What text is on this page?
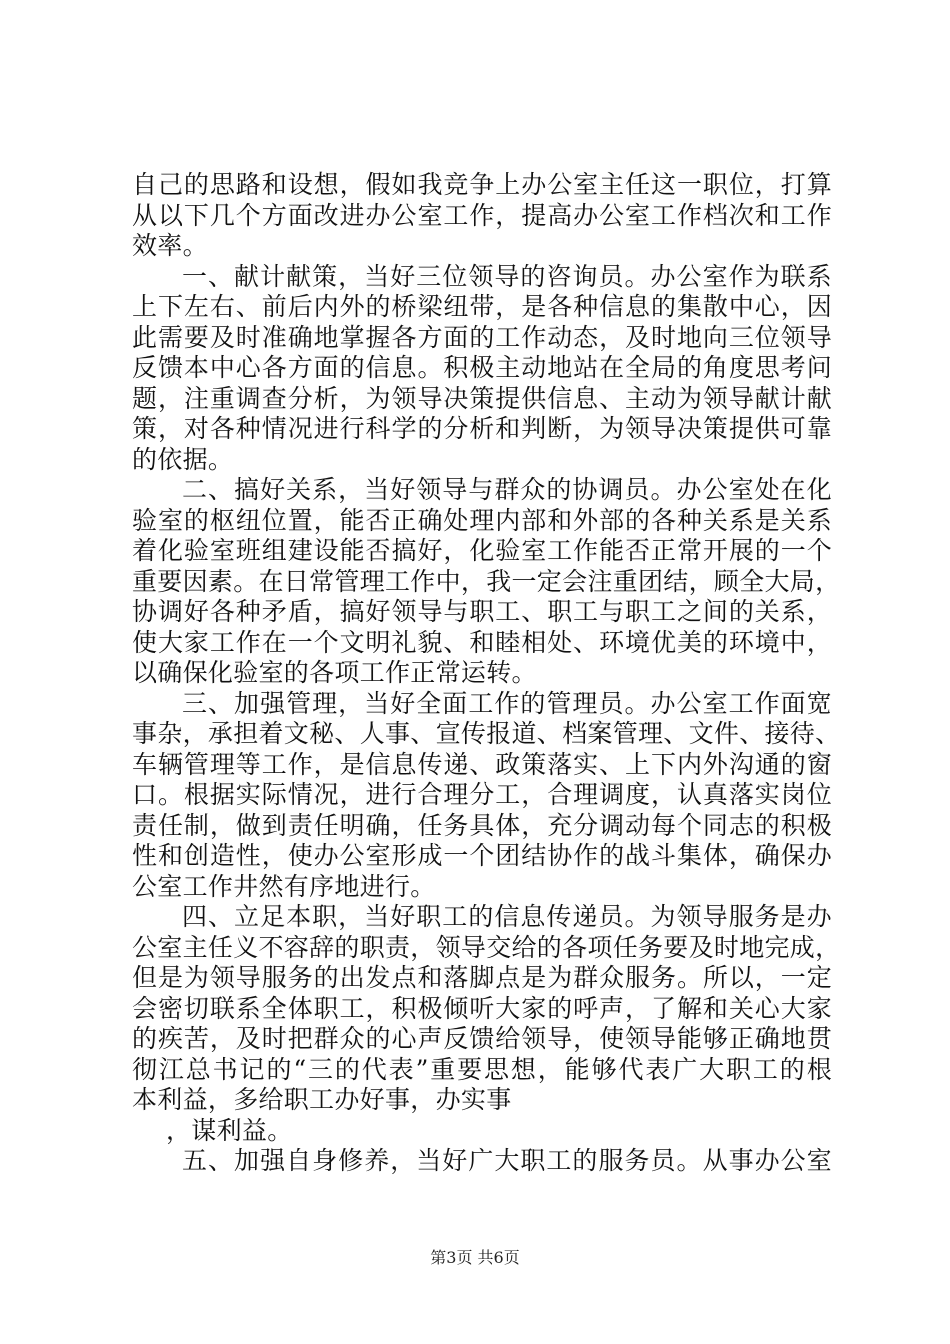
自己的思路和设想，假如我竞争上办公室主任这一职位，打算
从以下几个方面改进办公室工作，提高办公室工作档次和工作
效率。
一、献计献策，当好三位领导的咨询员。办公室作为联系
上下左右、前后内外的桥梁纽带，是各种信息的集散中心，因
此需要及时准确地掌握各方面的工作动态，及时地向三位领导
反馈本中心各方面的信息。积极主动地站在全局的角度思考问
题，注重调查分析，为领导决策提供信息、主动为领导献计献
策，对各种情况进行科学的分析和判断，为领导决策提供可靠
的依据。
二、搞好关系，当好领导与群众的协调员。办公室处在化
验室的枢纽位置，能否正确处理内部和外部的各种关系是关系
着化验室班组建设能否搞好，化验室工作能否正常开展的一个
重要因素。在日常管理工作中，我一定会注重团结，顾全大局，
协调好各种矛盾，搞好领导与职工、职工与职工之间的关系，
使大家工作在一个文明礼貌、和睦相处、环境优美的环境中，
以确保化验室的各项工作正常运转。
三、加强管理，当好全面工作的管理员。办公室工作面宽
事杂，承担着文秘、人事、宣传报道、档案管理、文件、接待、
车辆管理等工作，是信息传递、政策落实、上下内外沟通的窗
口。根据实际情况，进行合理分工，合理调度，认真落实岗位
责任制，做到责任明确，任务具体，充分调动每个同志的积极
性和创造性，使办公室形成一个团结协作的战斗集体，确保办
公室工作井然有序地进行。
四、立足本职，当好职工的信息传递员。为领导服务是办
公室主任义不容辞的职责，领导交给的各项任务要及时地完成，
但是为领导服务的出发点和落脚点是为群众服务。所以，一定
会密切联系全体职工，积极倾听大家的呼声，了解和关心大家
的疾苦，及时把群众的心声反馈给领导，使领导能够正确地贯
彻江总书记的“三的代表”重要思想，能够代表广大职工的根
本利益，多给职工办好事，办实事
，谋利益。
五、加强自身修养，当好广大职工的服务员。从事办公室
第3页 共6页
